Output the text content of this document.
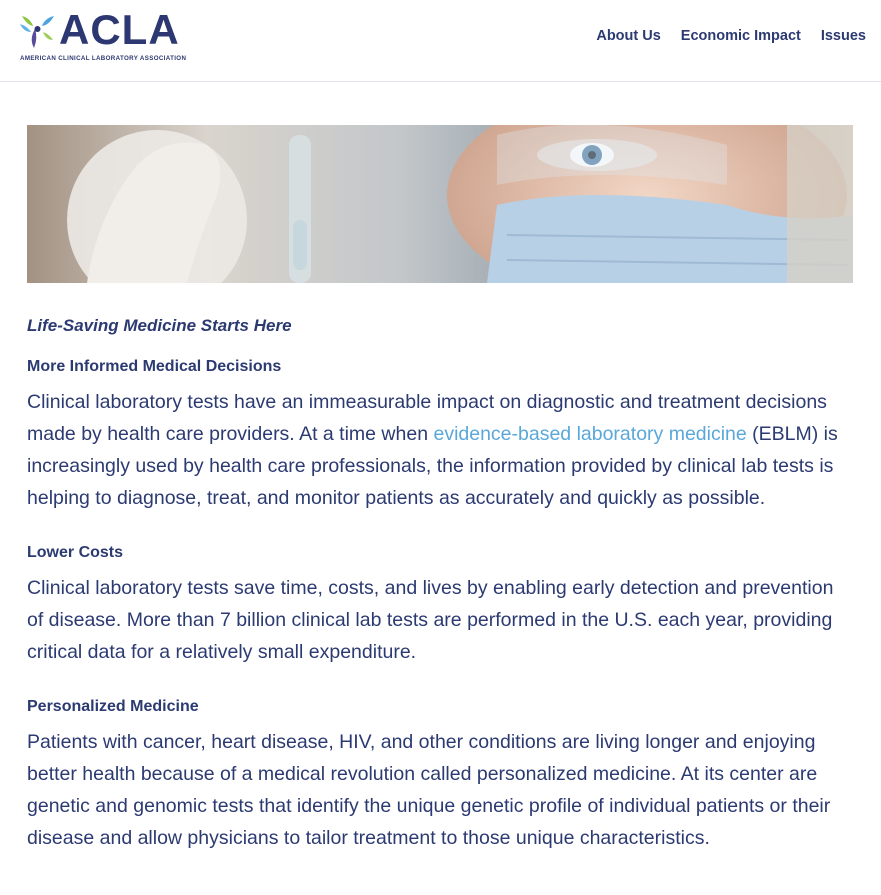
ACLA
AMERICAN CLINICAL LABORATORY ASSOCIATION
About Us Economic Impact Issues
Life-Saving Medicine Starts Here
More Informed Medical Decisions

Clinical laboratory tests have an immeasurable impact on diagnostic and treatment decisions made by health care providers. At a time when evidence-based laboratory medicine (EBLM) is increasingly used by health care professionals, the information provided by clinical lab tests is helping to diagnose, treat, and monitor patients as accurately and quickly as possible.

Lower Costs

Clinical laboratory tests save time, costs, and lives by enabling early detection and prevention of disease. More than 7 billion clinical lab tests are performed in the U.S. each year, providing critical data for a relatively small expenditure.

Personalized Medicine

Patients with cancer, heart disease, HIV, and other conditions are living longer and enjoying better health because of a medical revolution called personalized medicine. At its center are genetic and genomic tests that identify the unique genetic profile of individual patients or their disease and allow physicians to tailor treatment to those unique characteristics.
